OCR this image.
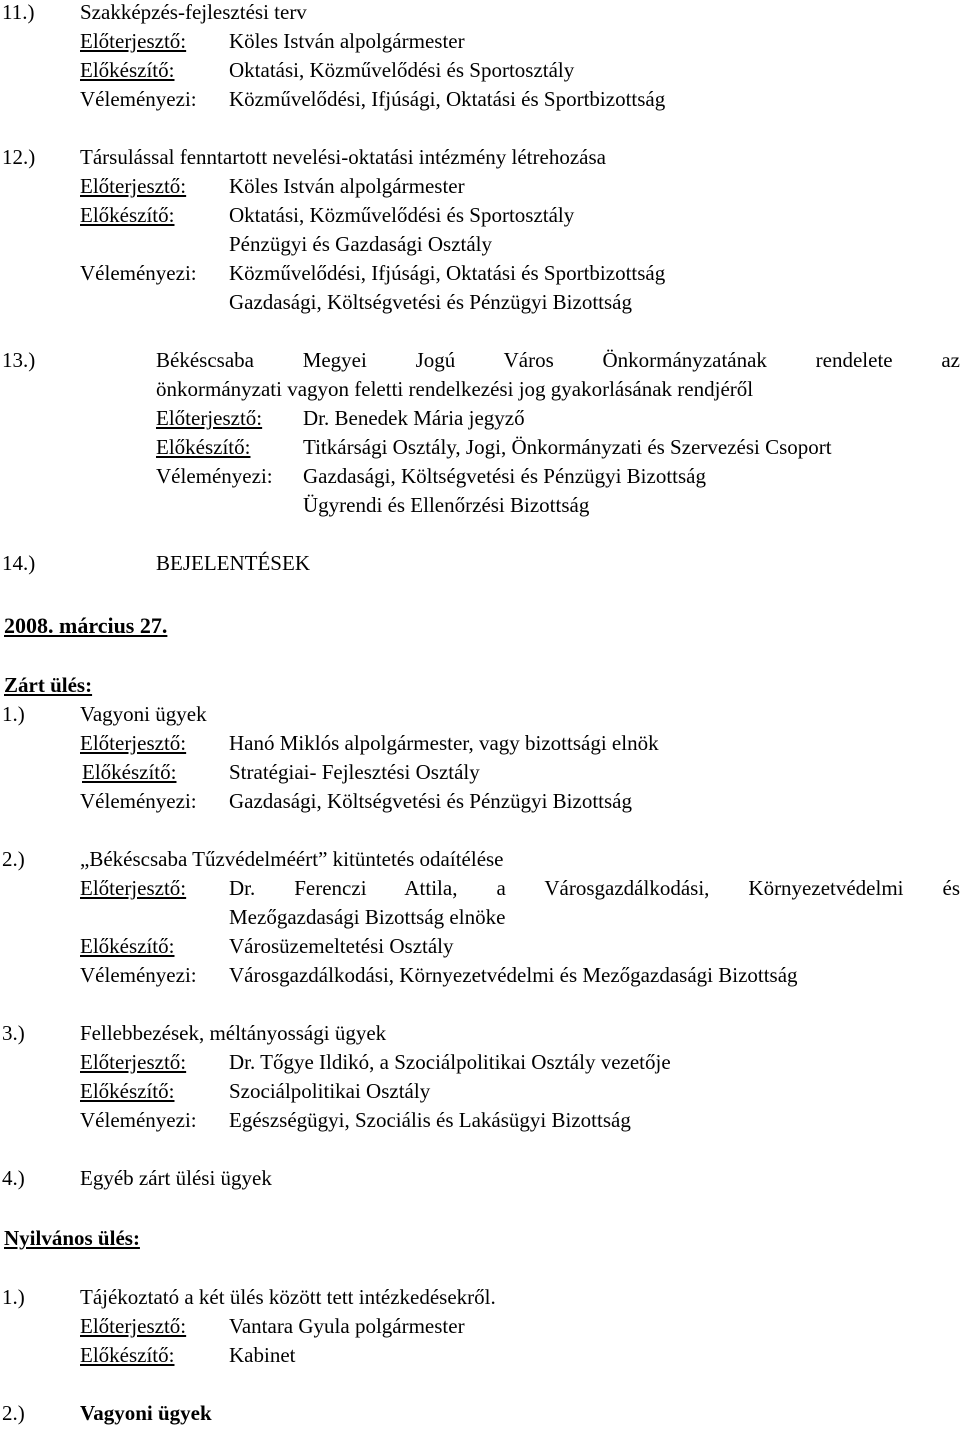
11.) Szakképzés-fejlesztési terv
Előterjesztő: Köles István alpolgármester
Előkészítő:	Oktatási, Közművelődési és Sportosztály
Véleményezi: Közművelődési, Ifjúsági, Oktatási és Sportbizottság
12.) Társulással fenntartott nevelési-oktatási intézmény létrehozása
Előterjesztő: Köles István alpolgármester
Előkészítő:	Oktatási, Közművelődési és Sportosztály
Pénzügyi és Gazdasági Osztály
Véleményezi: Közművelődési, Ifjúsági, Oktatási és Sportbizottság
Gazdasági, Költségvetési és Pénzügyi Bizottság
13.)	Békéscsaba Megyei Jogú Város Önkormányzatának rendelete az
önkormányzati vagyon feletti rendelkezési jog gyakorlásának rendjéről
Előterjesztő: Dr. Benedek Mária jegyző
Előkészítő:	Titkársági Osztály, Jogi, Önkormányzati és Szervezési Csoport
Véleményezi: Gazdasági, Költségvetési és Pénzügyi Bizottság
Ügyrendi és Ellenőrzési Bizottság
14.)	BEJELENTÉSEK
2008. március 27.
Zárt ülés:
1.)	Vagyoni ügyek
Előterjesztő: Hanó Miklós alpolgármester, vagy bizottsági elnök
Előkészítő:	Stratégiai- Fejlesztési Osztály
Véleményezi: Gazdasági, Költségvetési és Pénzügyi Bizottság
2.)	„Békéscsaba Tűzvédelméért” kitüntetés odaítélése
Előterjesztő: Dr. Ferenczi Attila, a Városgazdálkodási, Környezetvédelmi és
Mezőgazdasági Bizottság elnöke
Előkészítő:	Városüzemeltetési Osztály
Véleményezi: Városgazdálkodási, Környezetvédelmi és Mezőgazdasági Bizottság
3.)	Fellebbezések, méltányossági ügyek
Előterjesztő: Dr. Tőgye Ildikó, a Szociálpolitikai Osztály vezetője
Előkészítő:	Szociálpolitikai Osztály
Véleményezi: Egészségügyi, Szociális és Lakásügyi Bizottság
4.)	Egyéb zárt ülési ügyek
Nyilvános ülés:
1.)	Tájékoztató a két ülés között tett intézkedésekről.
Előterjesztő: Vantara Gyula polgármester
Előkészítő:	Kabinet
2.)	Vagyoni ügyek
